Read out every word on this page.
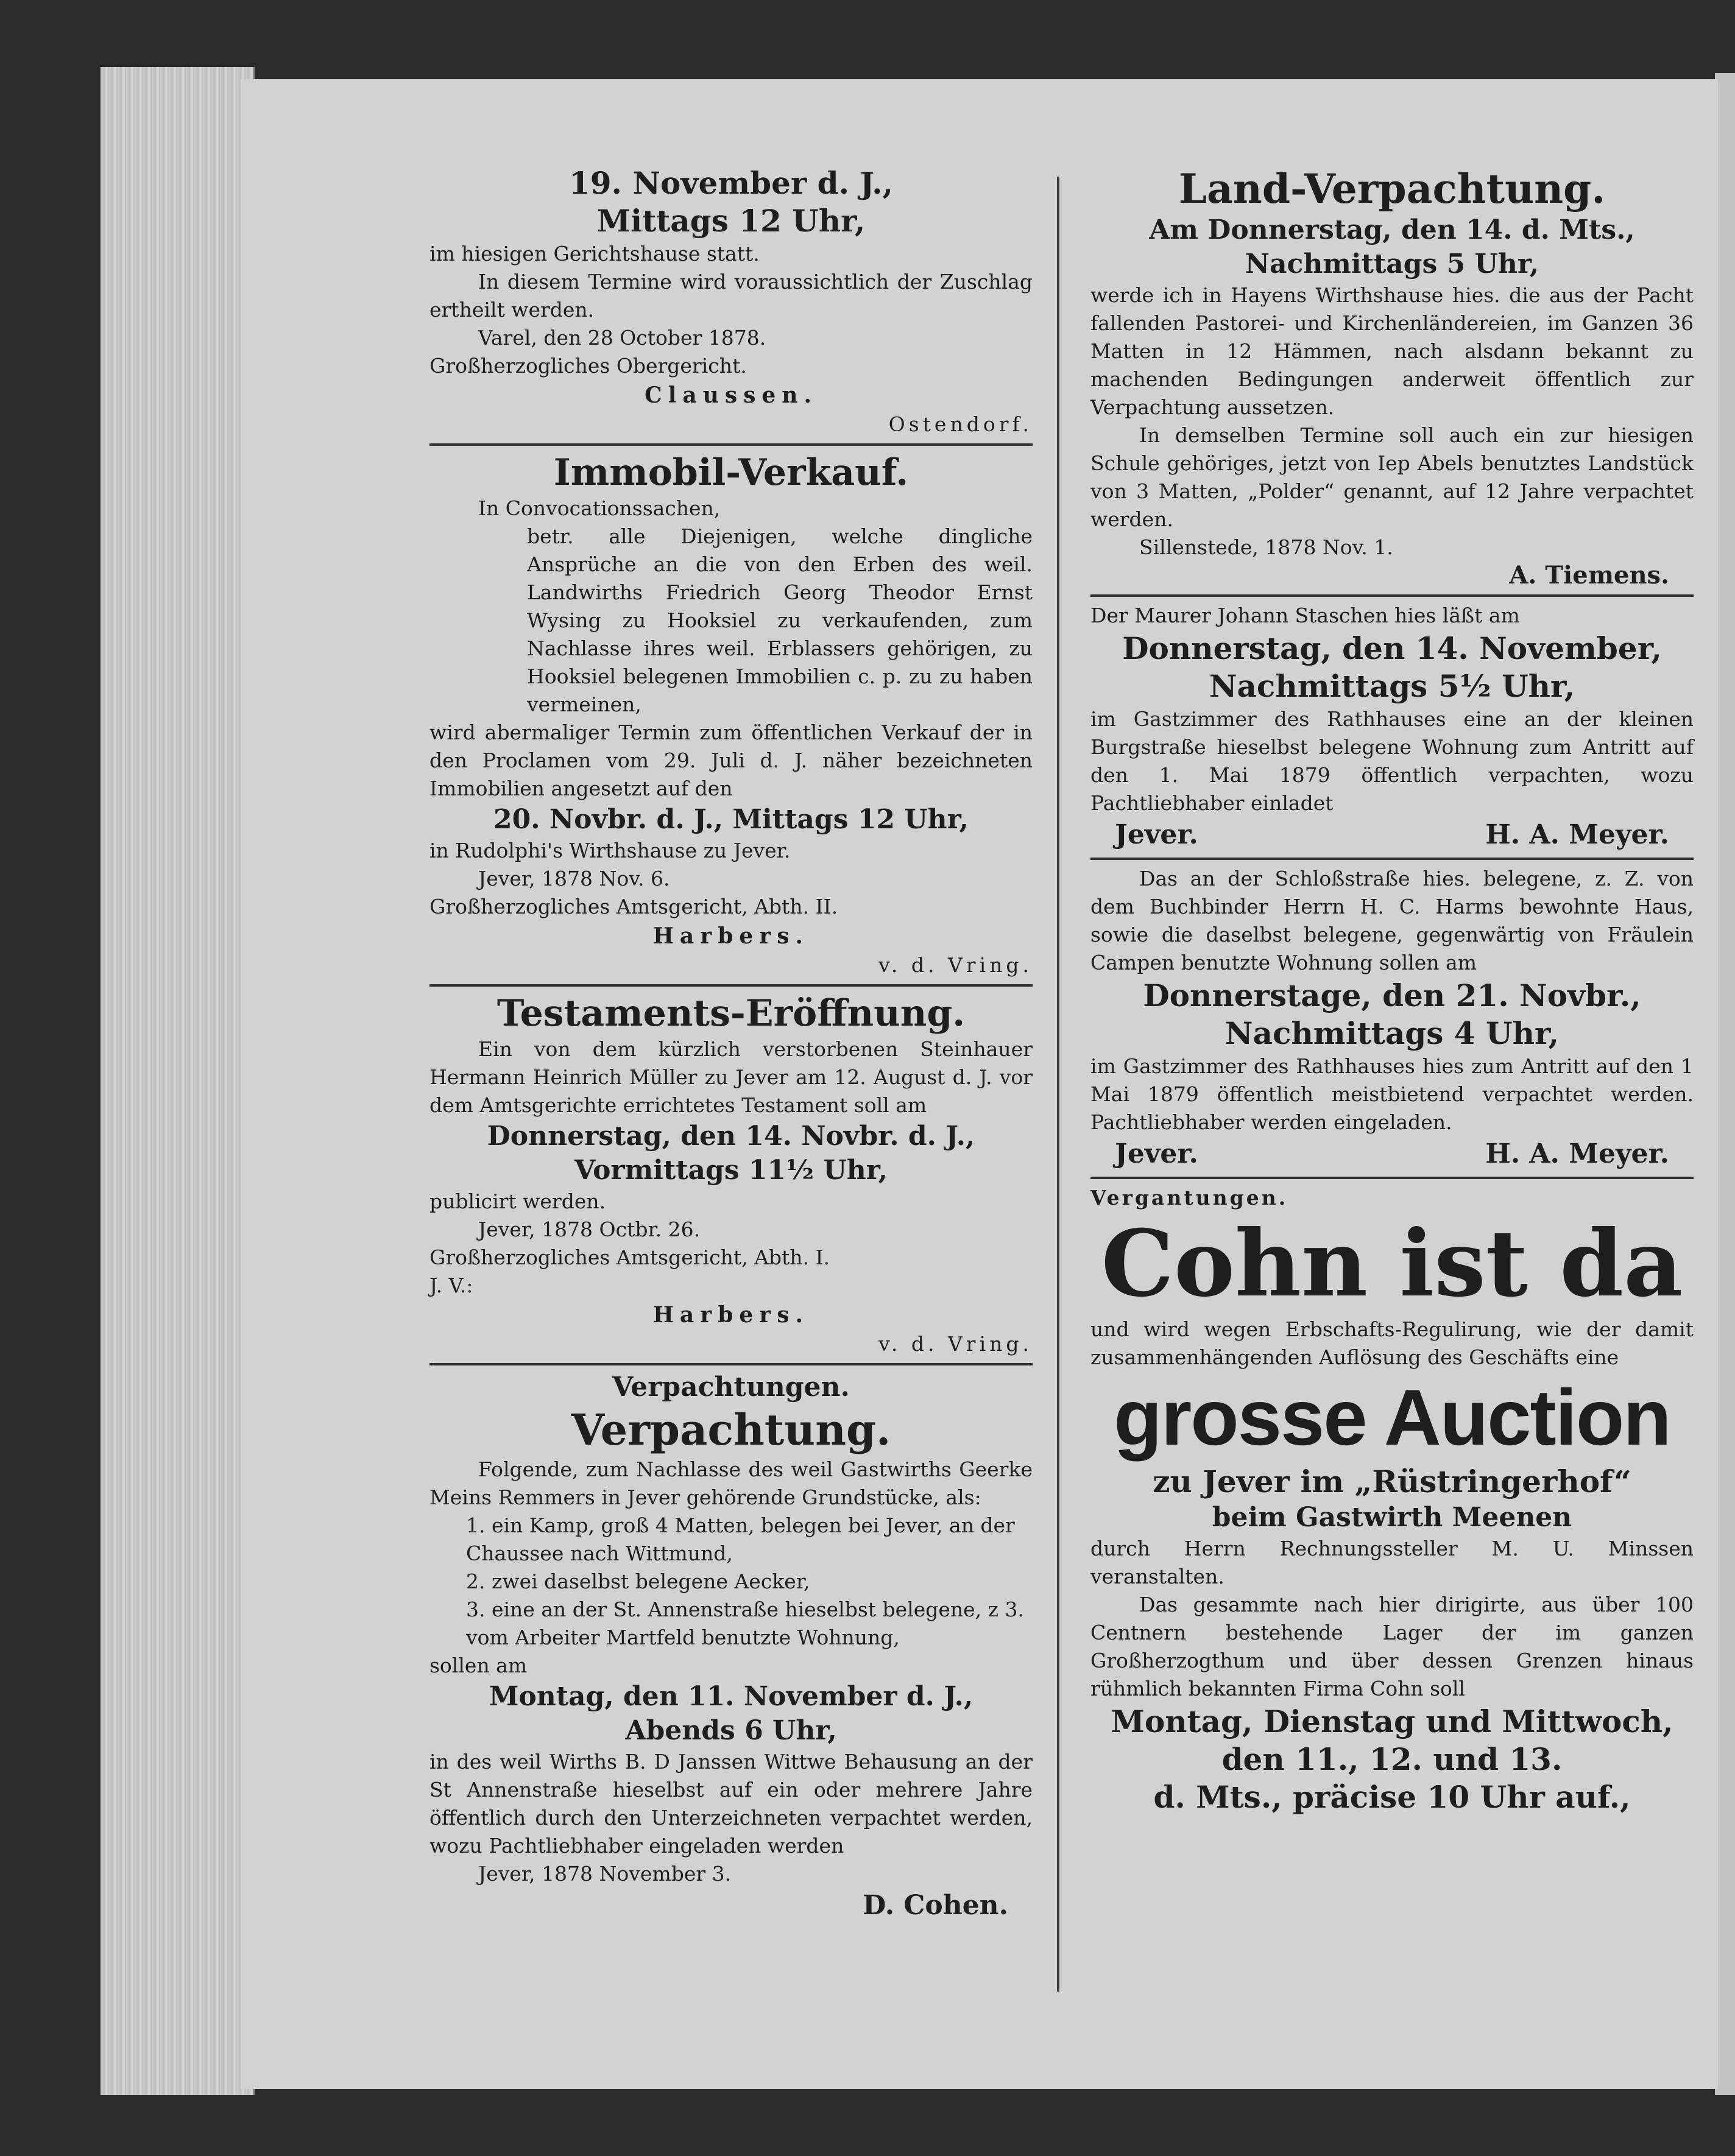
19. November d. J.,
Mittags 12 Uhr,
im hiesigen Gerichtshause statt.
In diesem Termine wird voraussichtlich der Zuschlag ertheilt werden.
Varel, den 28 October 1878.
Großherzogliches Obergericht.
Claussen.
Ostendorf.
Immobil-Verkauf.
In Convocationssachen,
betr. alle Diejenigen, welche dingliche Ansprüche an die von den Erben des weil. Landwirths Friedrich Georg Theodor Ernst Wysing zu Hooksiel zu verkaufenden, zum Nachlasse ihres weil. Erblassers gehörigen, zu Hooksiel belegenen Immobilien c. p. zu zu haben vermeinen,
wird abermaliger Termin zum öffentlichen Verkauf der in den Proclamen vom 29. Juli d. J. näher bezeichneten Immobilien angesetzt auf den
20. Novbr. d. J., Mittags 12 Uhr,
in Rudolphi's Wirthshause zu Jever.
Jever, 1878 Nov. 6.
Großherzogliches Amtsgericht, Abth. II.
Harbers.
v. d. Vring.
Testaments-Eröffnung.
Ein von dem kürzlich verstorbenen Steinhauer Hermann Heinrich Müller zu Jever am 12. August d. J. vor dem Amtsgerichte errichtetes Testament soll am
Donnerstag, den 14. Novbr. d. J.,
Vormittags 11½ Uhr,
publicirt werden.
Jever, 1878 Octbr. 26.
Großherzogliches Amtsgericht, Abth. I.
J. V.:
Harbers.
v. d. Vring.
Verpachtungen.
Verpachtung.
Folgende, zum Nachlasse des weil Gastwirths Geerke Meins Remmers in Jever gehörende Grundstücke, als:
1. ein Kamp, groß 4 Matten, belegen bei Jever, an der Chaussee nach Wittmund,
2. zwei daselbst belegene Aecker,
3. eine an der St. Annenstraße hieselbst belegene, z 3. vom Arbeiter Martfeld benutzte Wohnung,
sollen am
Montag, den 11. November d. J.,
Abends 6 Uhr,
in des weil Wirths B. D Janssen Wittwe Behausung an der St Annenstraße hieselbst auf ein oder mehrere Jahre öffentlich durch den Unterzeichneten verpachtet werden, wozu Pachtliebhaber eingeladen werden
Jever, 1878 November 3.
D. Cohen.
Land-Verpachtung.
Am Donnerstag, den 14. d. Mts.,
Nachmittags 5 Uhr,
werde ich in Hayens Wirthshause hies. die aus der Pacht fallenden Pastorei- und Kirchenländereien, im Ganzen 36 Matten in 12 Hämmen, nach alsdann bekannt zu machenden Bedingungen anderweit öffentlich zur Verpachtung aussetzen.
In demselben Termine soll auch ein zur hiesigen Schule gehöriges, jetzt von Iep Abels benutztes Landstück von 3 Matten, „Polder“ genannt, auf 12 Jahre verpachtet werden.
Sillenstede, 1878 Nov. 1.
A. Tiemens.
Der Maurer Johann Staschen hies läßt am
Donnerstag, den 14. November,
Nachmittags 5½ Uhr,
im Gastzimmer des Rathhauses eine an der kleinen Burgstraße hieselbst belegene Wohnung zum Antritt auf den 1. Mai 1879 öffentlich verpachten, wozu Pachtliebhaber einladet
Jever.	H. A. Meyer.
Das an der Schloßstraße hies. belegene, z. Z. von dem Buchbinder Herrn H. C. Harms bewohnte Haus, sowie die daselbst belegene, gegenwärtig von Fräulein Campen benutzte Wohnung sollen am
Donnerstage, den 21. Novbr.,
Nachmittags 4 Uhr,
im Gastzimmer des Rathhauses hies zum Antritt auf den 1 Mai 1879 öffentlich meistbietend verpachtet werden. Pachtliebhaber werden eingeladen.
Jever.	H. A. Meyer.
Vergantungen.
Cohn ist da
und wird wegen Erbschafts-Regulirung, wie der damit zusammenhängenden Auflösung des Geschäfts eine
grosse Auction
zu Jever im „Rüstringerhof“
beim Gastwirth Meenen
durch Herrn Rechnungssteller M. U. Minssen veranstalten.
Das gesammte nach hier dirigirte, aus über 100 Centnern bestehende Lager der im ganzen Großherzogthum und über dessen Grenzen hinaus rühmlich bekannten Firma Cohn soll
Montag, Dienstag und Mittwoch, den 11., 12. und 13.
d. Mts., präcise 10 Uhr auf.,
